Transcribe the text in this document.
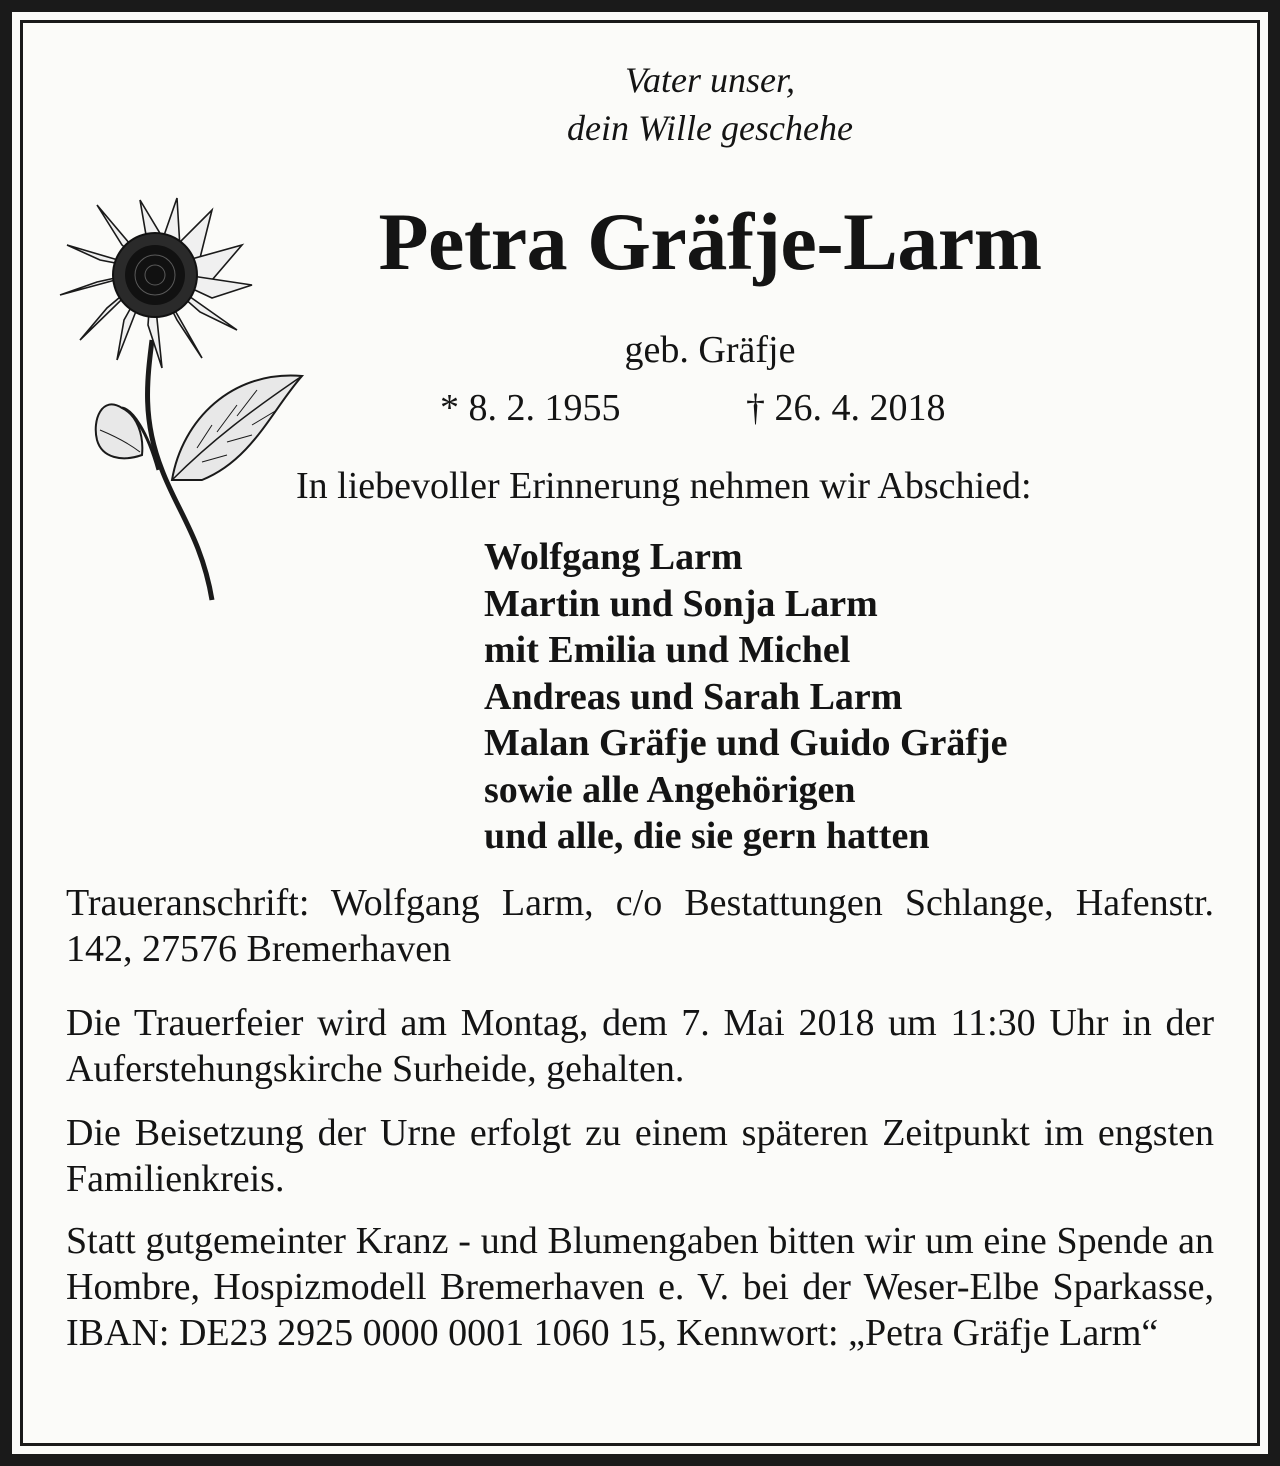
Vater unser,
dein Wille geschehe
Petra Gräfje-Larm
geb. Gräfje
* 8. 2. 1955	† 26. 4. 2018
In liebevoller Erinnerung nehmen wir Abschied:
Wolfgang Larm
Martin und Sonja Larm
mit Emilia und Michel
Andreas und Sarah Larm
Malan Gräfje und Guido Gräfje
sowie alle Angehörigen
und alle, die sie gern hatten
Traueranschrift: Wolfgang Larm, c/o Bestattungen Schlange, Hafenstr. 142, 27576 Bremerhaven
Die Trauerfeier wird am Montag, dem 7. Mai 2018 um 11:30 Uhr in der Auferstehungskirche Surheide, gehalten.
Die Beisetzung der Urne erfolgt zu einem späteren Zeitpunkt im engsten Familienkreis.
Statt gutgemeinter Kranz - und Blumengaben bitten wir um eine Spende an Hombre, Hospizmodell Bremerhaven e. V. bei der Weser-Elbe Sparkasse, IBAN: DE23 2925 0000 0001 1060 15, Kennwort: „Petra Gräfje Larm“
